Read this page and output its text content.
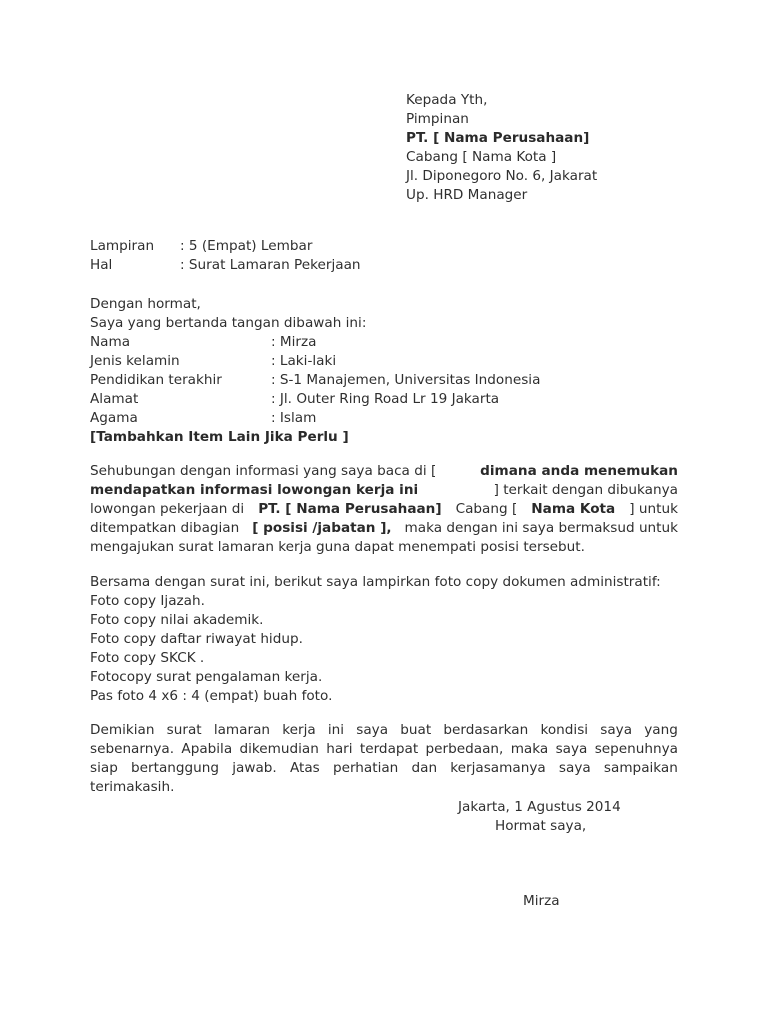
Kepada Yth,
Pimpinan
PT. [ Nama Perusahaan]
Cabang [ Nama Kota ]
Jl. Diponegoro No. 6, Jakarat
Up. HRD Manager
Lampiran : 5 (Empat) Lembar
Hal	: Surat Lamaran Pekerjaan
Dengan hormat,
Saya yang bertanda tangan dibawah ini:
Nama	: Mirza
Jenis kelamin	: Laki-laki
Pendidikan terakhir	: S-1 Manajemen, Universitas Indonesia
Alamat	: Jl. Outer Ring Road Lr 19 Jakarta
Agama	: Islam
[Tambahkan Item Lain Jika Perlu ]
Sehubungan dengan informasi yang saya baca di [	dimana anda menemukan
mendapatkan informasi lowongan kerja ini	] terkait dengan dibukanya
lowongan pekerjaan di PT. [ Nama Perusahaan] Cabang [ Nama Kota ] untuk
ditempatkan dibagian [ posisi /jabatan ], maka dengan ini saya bermaksud untuk
mengajukan surat lamaran kerja guna dapat menempati posisi tersebut.
Bersama dengan surat ini, berikut saya lampirkan foto copy dokumen administratif:
Foto copy Ijazah.
Foto copy nilai akademik.
Foto copy daftar riwayat hidup.
Foto copy SKCK .
Fotocopy surat pengalaman kerja.
Pas foto 4 x6 : 4 (empat) buah foto.
Demikian surat lamaran kerja ini saya buat berdasarkan kondisi saya yang
sebenarnya. Apabila dikemudian hari terdapat perbedaan, maka saya sepenuhnya
siap bertanggung jawab. Atas perhatian dan kerjasamanya saya sampaikan
terimakasih.
Jakarta, 1 Agustus 2014
Hormat saya,
Mirza
